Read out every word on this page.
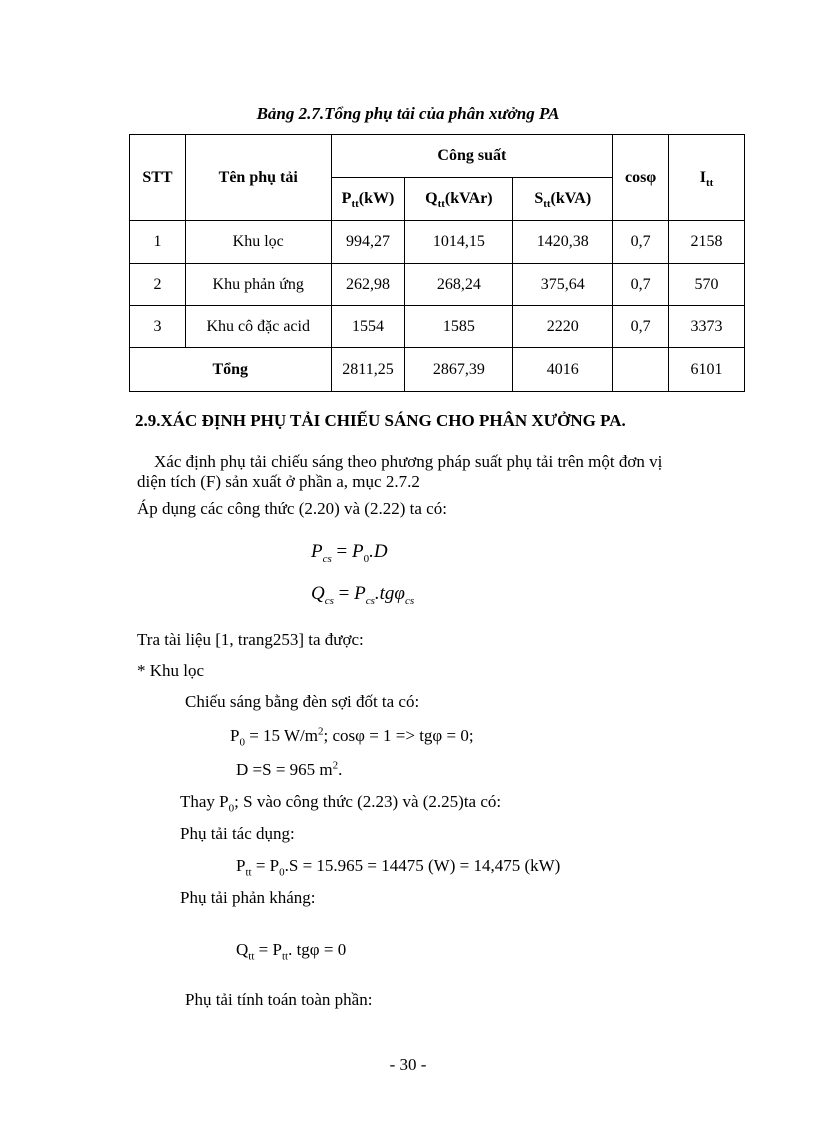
Bảng 2.7.Tổng phụ tải của phân xưởng PA
STT	Tên phụ tải	Công suất			cosφ	$I_{tt}$
		$P_{tt}(kW)$	$Q_{tt}(kVAr)$	$S_{tt}(kVA)$		
1	Khu lọc	994,27	1014,15	1420,38	0,7	2158
2	Khu phản ứng	262,98	268,24	375,64	0,7	570
3	Khu cô đặc acid	1554	1585	2220	0,7	3373
Tổng		2811,25	2867,39	4016		6101
2.9.XÁC ĐỊNH PHỤ TẢI CHIẾU SÁNG CHO PHÂN XƯỞNG PA.
Xác định phụ tải chiếu sáng theo phương pháp suất phụ tải trên một đơn vị
diện tích (F) sản xuất ở phần a, mục 2.7.2
Áp dụng các công thức (2.20) và (2.22) ta có:
$P_{cs} = P_0.D$
$Q_{cs} = P_{cs}.tg\varphi_{cs}$
Tra tài liệu [1, trang253] ta được:
* Khu lọc
Chiếu sáng bằng đèn sợi đốt ta có:
$P_0 = 15$ $W/m^2$; cosφ = 1 => tgφ = 0;
D =S = 965 $m^2$.
Thay $P_0$; S vào công thức (2.23) và (2.25)ta có:
Phụ tải tác dụng:
$P_{tt} = P_0.S = 15.965 = 14475$ (W) = 14,475 (kW)
Phụ tải phản kháng:
$Q_{tt} = P_{tt}$. tgφ = 0
Phụ tải tính toán toàn phần:
- 30 -
